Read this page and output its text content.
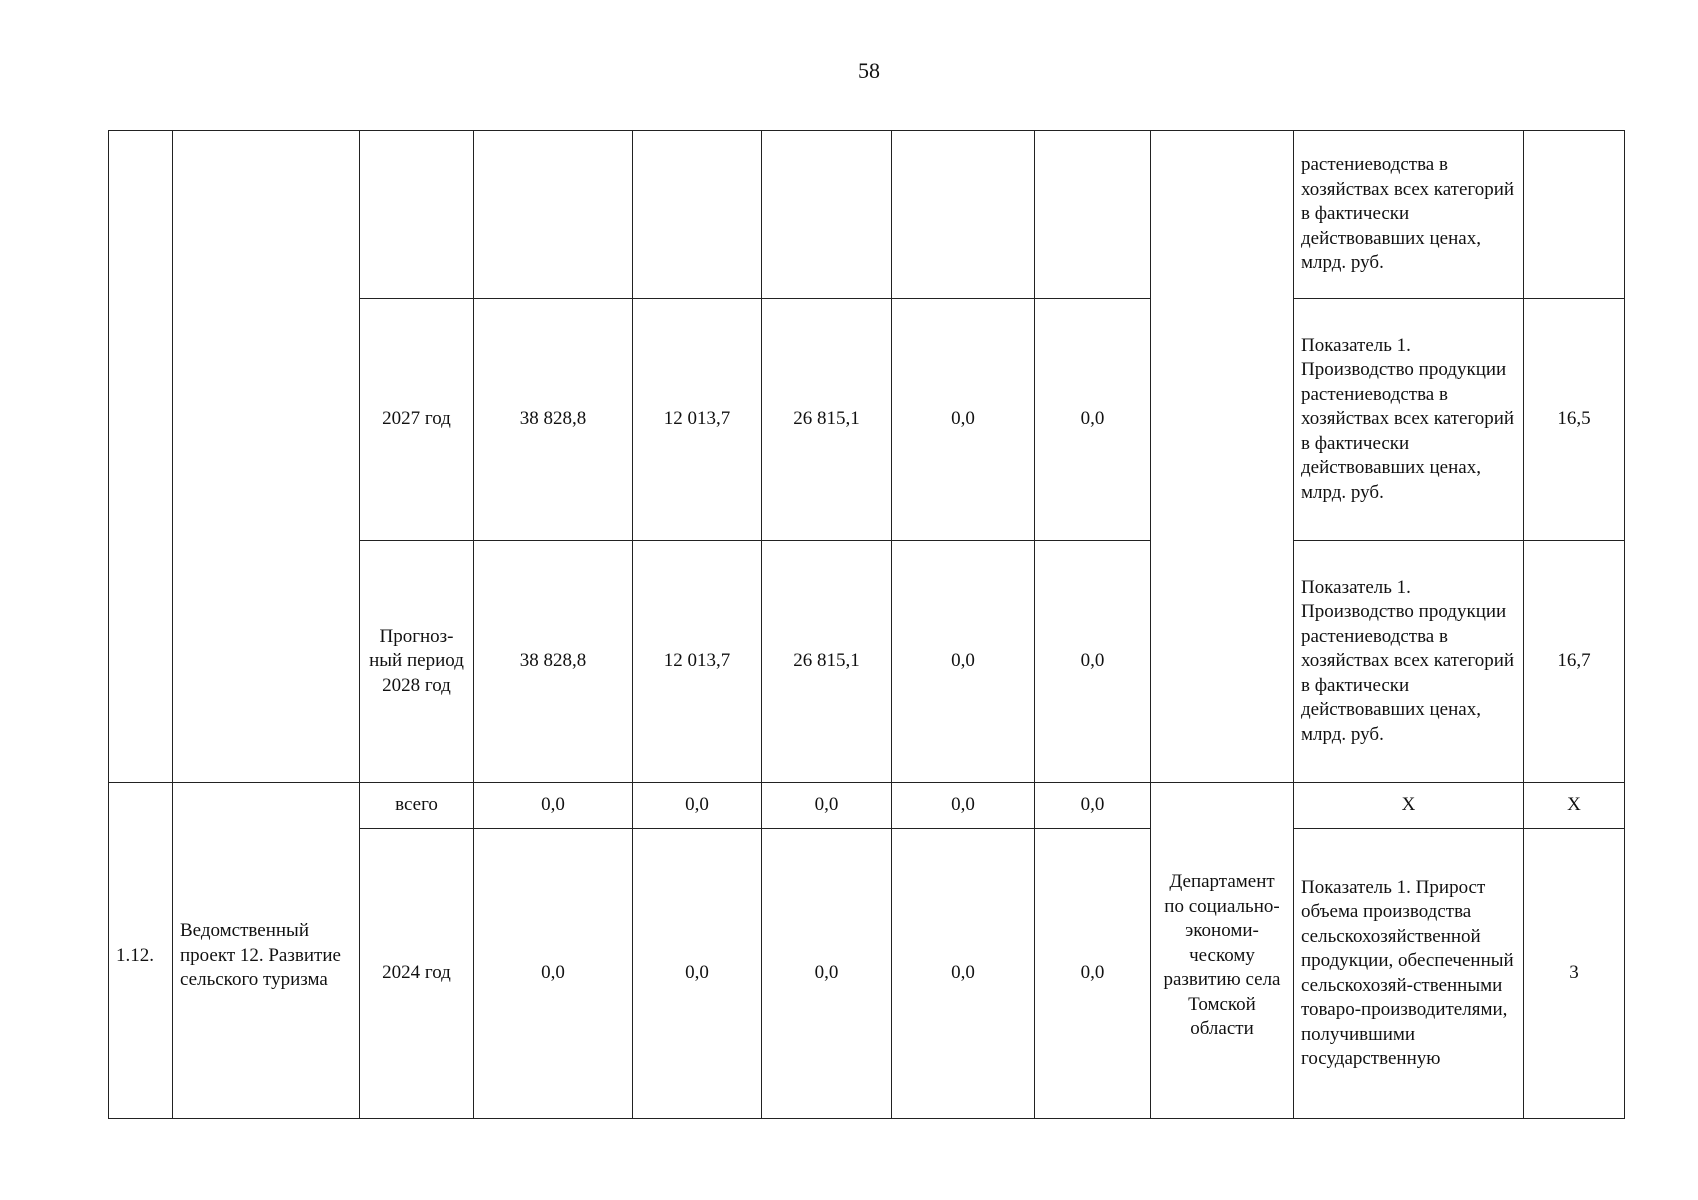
58
									растениеводства в хозяйствах всех категорий в фактически действовавших ценах, млрд. руб.	
		2027 год	38 828,8	12 013,7	26 815,1	0,0	0,0		Показатель 1. Производство продукции растениеводства в хозяйствах всех категорий в фактически действовавших ценах, млрд. руб.	16,5
		Прогноз-ный период 2028 год	38 828,8	12 013,7	26 815,1	0,0	0,0		Показатель 1. Производство продукции растениеводства в хозяйствах всех категорий в фактически действовавших ценах, млрд. руб.	16,7
1.12.	Ведомственный проект 12. Развитие сельского туризма	всего	0,0	0,0	0,0	0,0	0,0	Департамент по социально-экономи-ческому развитию села Томской области	Х	Х
		2024 год	0,0	0,0	0,0	0,0	0,0		Показатель 1. Прирост объема производства сельскохозяйственной продукции, обеспеченный сельскохозяй-ственными товаро-производителями, получившими государственную	3
